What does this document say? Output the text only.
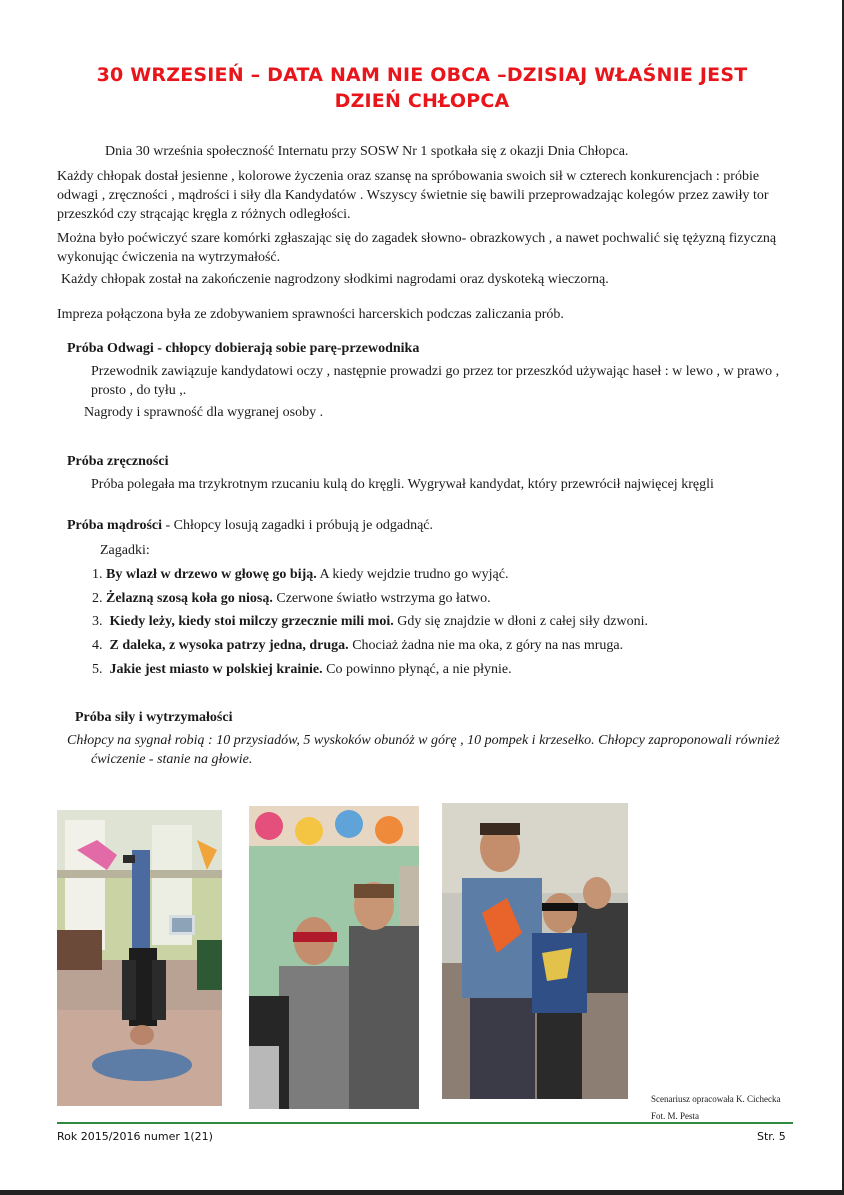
30 WRZESIEŃ – DATA NAM NIE OBCA –DZISIAJ WŁAŚNIE JEST
DZIEŃ CHŁOPCA

Dnia 30 września społeczność Internatu przy SOSW Nr 1 spotkała się z okazji Dnia Chłopca.

Każdy chłopak dostał jesienne , kolorowe życzenia oraz szansę na spróbowania swoich sił w czterech konkurencjach : próbie odwagi , zręczności , mądrości i siły dla Kandydatów . Wszyscy świetnie się bawili przeprowadzając kolegów przez zawiły tor przeszkód czy strącając kręgla z różnych odległości.

Można było poćwiczyć szare komórki zgłaszając się do zagadek słowno- obrazkowych , a nawet pochwalić się tężyzną fizyczną wykonując ćwiczenia na wytrzymałość.

Każdy chłopak został na zakończenie nagrodzony słodkimi nagrodami oraz dyskoteką wieczorną.

Impreza połączona była ze zdobywaniem sprawności harcerskich podczas zaliczania prób.

Próba Odwagi - chłopcy dobierają sobie parę-przewodnika

Przewodnik zawiązuje kandydatowi oczy , następnie prowadzi go przez tor przeszkód używając haseł : w lewo , w prawo , prosto , do tyłu ,.

Nagrody i sprawność dla wygranej osoby .

Próba zręczności

Próba polegała ma trzykrotnym rzucaniu kulą do kręgli. Wygrywał kandydat, który przewrócił najwięcej kręgli

Próba mądrości - Chłopcy losują zagadki i próbują je odgadnąć.

Zagadki:

1. By wlazł w drzewo w głowę go biją. A kiedy wejdzie trudno go wyjąć.

2. Żelazną szosą koła go niosą. Czerwone światło wstrzyma go łatwo.

3. Kiedy leży, kiedy stoi milczy grzecznie mili moi. Gdy się znajdzie w dłoni z całej siły dzwoni.

4. Z daleka, z wysoka patrzy jedna, druga. Chociaż żadna nie ma oka, z góry na nas mruga.

5. Jakie jest miasto w polskiej krainie. Co powinno płynąć, a nie płynie.

Próba siły i wytrzymałości

Chłopcy na sygnał robią : 10 przysiadów, 5 wyskoków obunóż w górę , 10 pompek i krzesełko. Chłopcy zaproponowali również ćwiczenie - stanie na głowie.

Scenariusz opracowała K. Cichecka

Fot. M. Pesta

Rok 2015/2016 numer 1(21)	Str. 5
